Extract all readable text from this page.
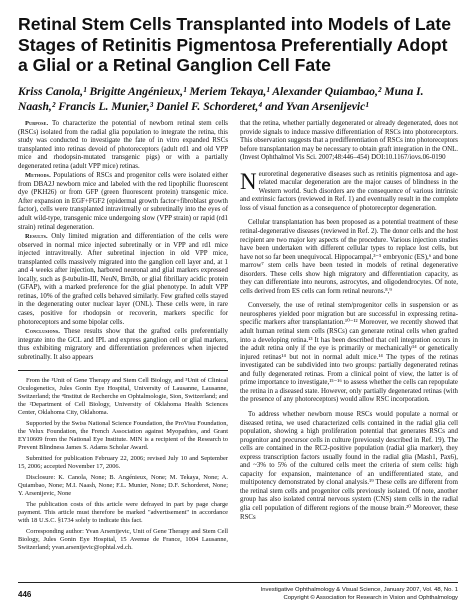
Retinal Stem Cells Transplanted into Models of Late Stages of Retinitis Pigmentosa Preferentially Adopt a Glial or a Retinal Ganglion Cell Fate
Kriss Canola,¹ Brigitte Angénieux,¹ Meriem Tekaya,¹ Alexander Quiambao,² Muna I. Naash,² Francis L. Munier,³ Daniel F. Schorderet,⁴ and Yvan Arsenijevic¹

Purpose. To characterize the potential of newborn retinal stem cells (RSCs) isolated from the radial glia population to integrate the retina, this study was conducted to investigate the fate of in vitro expanded RSCs transplanted into retinas devoid of photoreceptors (adult rd1 and old VPP mice and rhodopsin-mutated transgenic pigs) or with a partially degenerated retina (adult VPP mice) retinas.

Methods. Populations of RSCs and progenitor cells were isolated either from DBA2J newborn mice and labeled with the red lipophilic fluorescent dye (PKH26) or from GFP (green fluorescent protein) transgenic mice. After expansion in EGF+FGF2 (epidermal growth factor+fibroblast growth factor), cells were transplanted intravitreally or subretinally into the eyes of adult wild-type, transgenic mice undergoing slow (VPP strain) or rapid (rd1 strain) retinal degeneration.

Results. Only limited migration and differentiation of the cells were observed in normal mice injected subretinally or in VPP and rd1 mice injected intravitreally. After subretinal injection in old VPP mice, transplanted cells massively migrated into the ganglion cell layer and, at 1 and 4 weeks after injection, harbored neuronal and glial markers expressed locally, such as β-tubulin-III, NeuN, Brn3b, or glial fibrillary acidic protein (GFAP), with a marked preference for the glial phenotype. In adult VPP retinas, 10% of the grafted cells behaved similarly. Few grafted cells stayed in the degenerating outer nuclear layer (ONL). These cells were, in rare cases, positive for rhodopsin or recoverin, markers specific for photoreceptors and some bipolar cells.

Conclusions. These results show that the grafted cells preferentially integrate into the GCL and IPL and express ganglion cell or glial markers, thus exhibiting migratory and differentiation preferences when injected subretinally. It also appears

From the ¹Unit of Gene Therapy and Stem Cell Biology, and ³Unit of Clinical Oculogenetics, Jules Gonin Eye Hospital, University of Lausanne, Lausanne, Switzerland; the ⁴Institut de Recherche en Ophtalmologie, Sion, Switzerland; and the ²Department of Cell Biology, University of Oklahoma Health Sciences Center, Oklahoma City, Oklahoma.

Supported by the Swiss National Science Foundation, the ProVisu Foundation, the Velux Foundation, the French Association against Myopathies, and Grant EY10609 from the National Eye Institute. MIN is a recipient of the Research to Prevent Blindness James S. Adams Scholar Award.

Submitted for publication February 22, 2006; revised July 10 and September 15, 2006; accepted November 17, 2006.

Disclosure: K. Canola, None; B. Angénieux, None; M. Tekaya, None; A. Quiambao, None; M.I. Naash, None; F.L. Munier, None; D.F. Schorderet, None; Y. Arsenijevic, None

The publication costs of this article were defrayed in part by page charge payment. This article must therefore be marked "advertisement" in accordance with 18 U.S.C. §1734 solely to indicate this fact.

Corresponding author: Yvan Arsenijevic, Unit of Gene Therapy and Stem Cell Biology, Jules Gonin Eye Hospital, 15 Avenue de France, 1004 Lausanne, Switzerland; yvan.arsenijevic@ophtal.vd.ch.

that the retina, whether partially degenerated or already degenerated, does not provide signals to induce massive differentiation of RSCs into photoreceptors. This observation suggests that a predifferentiation of RSCs into photoreceptors before transplantation may be necessary to obtain graft integration in the ONL. (Invest Ophthalmol Vis Sci. 2007;48:446–454) DOI:10.1167/iovs.06-0190

Neuroretinal degenerative diseases such as retinitis pigmentosa and age-related macular degeneration are the major causes of blindness in the Western world. Such disorders are the consequence of various intrinsic and extrinsic factors (reviewed in Ref. 1) and eventually result in the complete loss of visual function as a consequence of photoreceptor degeneration.

Cellular transplantation has been proposed as a potential treatment of these retinal-degenerative diseases (reviewed in Ref. 2). The donor cells and the host recipient are two major key aspects of the procedure. Various injection studies have been undertaken with different cellular types to replace lost cells, but have not so far been unequivocal. Hippocampal,³⁻⁵ embryonic (ES),⁶ and bone marrow⁷ stem cells have been tested in models of retinal degenerative disorders. These cells show high migratory and differentiation capacity, as they can differentiate into neurons, astrocytes, and oligodendrocytes. Of note, cells derived from ES cells can form retinal neurons.⁸,⁹

Conversely, the use of retinal stem/progenitor cells in suspension or as neurospheres yielded poor migration but are successful in expressing retina-specific markers after transplantation.¹⁰⁻¹² Moreover, we recently showed that adult human retinal stem cells (RSCs) can generate retinal cells when grafted into a developing retina.¹³ It has been described that cell integration occurs in the adult retina only if the eye is primarily or mechanically¹⁴ or genetically injured retinas¹⁴ but not in normal adult mice.¹⁴ The types of the retinas investigated can be subdivided into two groups: partially degenerated retinas and fully degenerated retinas. From a clinical point of view, the latter is of prime importance to investigate,¹⁵⁻¹⁶ to assess whether the cells can repopulate the retina in a diseased state. However, only partially degenerated retinas (with the presence of any photoreceptors) would allow RSC incorporation.

To address whether newborn mouse RSCs would populate a normal or diseased retina, we used characterized cells contained in the radial glia cell population, showing a high proliferation potential that generates RSCs and progenitor and precursor cells in culture (previously described in Ref. 19). The cells are contained in the RC2-positive population (radial glia marker), they express transcription factors usually found in the radial glia (Mash1, Pax6), and ~3% to 5% of the cultured cells meet the criteria of stem cells: high capacity for expansion, maintenance of an undifferentiated state, and multipotency demonstrated by clonal analysis.¹⁹ These cells are different from the retinal stem cells and progenitor cells previously isolated. Of note, another group has also isolated central nervous system (CNS) stem cells in the radial glia cell population of different regions of the mouse brain.²⁰ Moreover, these RSCs

446	Investigative Ophthalmology & Visual Science, January 2007, Vol. 48, No. 1
Copyright © Association for Research in Vision and Ophthalmology
